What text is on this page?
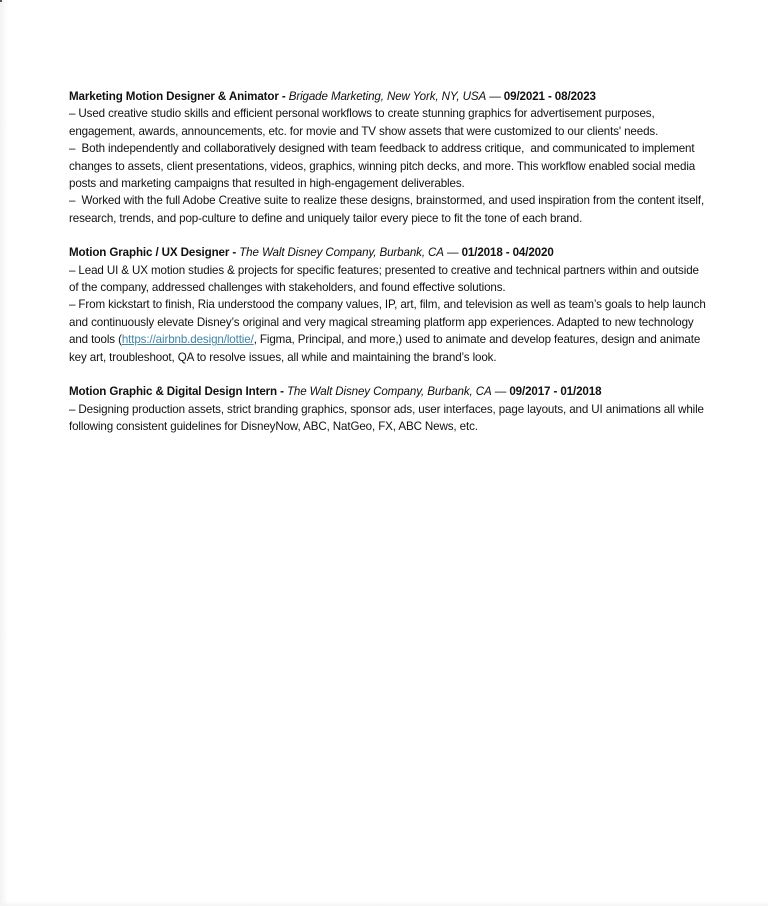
Marketing Motion Designer & Animator - Brigade Marketing, New York, NY, USA — 09/2021 - 08/2023

– Used creative studio skills and efficient personal workflows to create stunning graphics for advertisement purposes, engagement, awards, announcements, etc. for movie and TV show assets that were customized to our clients' needs.

–  Both independently and collaboratively designed with team feedback to address critique,  and communicated to implement changes to assets, client presentations, videos, graphics, winning pitch decks, and more. This workflow enabled social media posts and marketing campaigns that resulted in high-engagement deliverables.

–  Worked with the full Adobe Creative suite to realize these designs, brainstormed, and used inspiration from the content itself, research, trends, and pop-culture to define and uniquely tailor every piece to fit the tone of each brand.

Motion Graphic / UX Designer - The Walt Disney Company, Burbank, CA — 01/2018 - 04/2020

– Lead UI & UX motion studies & projects for specific features; presented to creative and technical partners within and outside of the company, addressed challenges with stakeholders, and found effective solutions.

– From kickstart to finish, Ria understood the company values, IP, art, film, and television as well as team’s goals to help launch and continuously elevate Disney’s original and very magical streaming platform app experiences. Adapted to new technology and tools (https://airbnb.design/lottie/, Figma, Principal, and more,) used to animate and develop features, design and animate key art, troubleshoot, QA to resolve issues, all while and maintaining the brand’s look.

Motion Graphic & Digital Design Intern - The Walt Disney Company, Burbank, CA — 09/2017 - 01/2018

– Designing production assets, strict branding graphics, sponsor ads, user interfaces, page layouts, and UI animations all while following consistent guidelines for DisneyNow, ABC, NatGeo, FX, ABC News, etc.
